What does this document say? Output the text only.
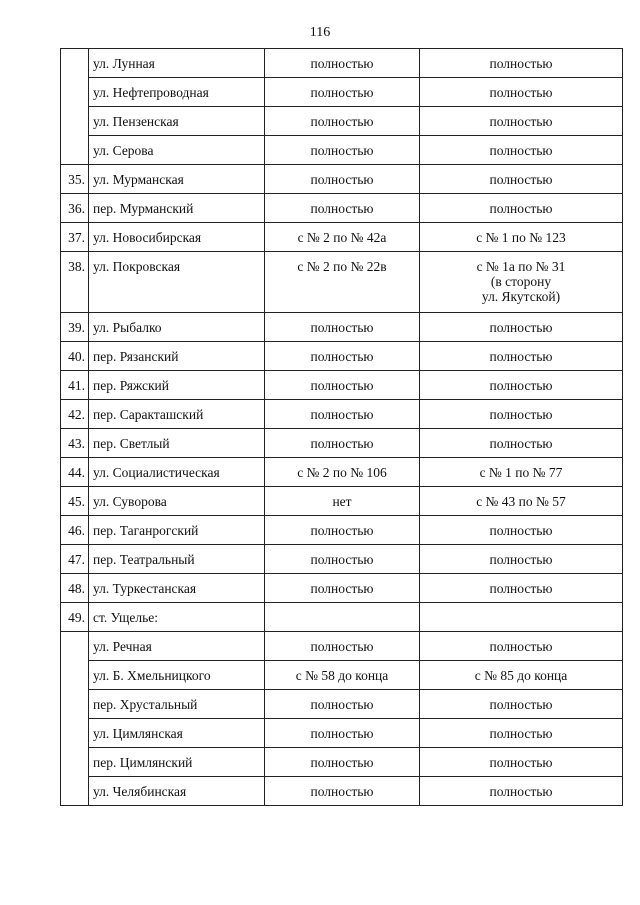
116

	ул. Лунная	полностью	полностью

	ул. Нефтепроводная	полностью	полностью

	ул. Пензенская	полностью	полностью

	ул. Серова	полностью	полностью

35.	ул. Мурманская	полностью	полностью

36.	пер. Мурманский	полностью	полностью

37.	ул. Новосибирская	с № 2 по № 42а	с № 1 по № 123

38.	ул. Покровская	с № 2 по № 22в	с № 1а по № 31
(в сторону
ул. Якутской)

39.	ул. Рыбалко	полностью	полностью

40.	пер. Рязанский	полностью	полностью

41.	пер. Ряжский	полностью	полностью

42.	пер. Саракташский	полностью	полностью

43.	пер. Светлый	полностью	полностью

44.	ул. Социалистическая	с № 2 по № 106	с № 1 по № 77

45.	ул. Суворова	нет	с № 43 по № 57

46.	пер. Таганрогский	полностью	полностью

47.	пер. Театральный	полностью	полностью

48.	ул. Туркестанская	полностью	полностью

49.	ст. Ущелье:		

	ул. Речная	полностью	полностью

	ул. Б. Хмельницкого	с № 58 до конца	с № 85 до конца

	пер. Хрустальный	полностью	полностью

	ул. Цимлянская	полностью	полностью

	пер. Цимлянский	полностью	полностью

	ул. Челябинская	полностью	полностью
